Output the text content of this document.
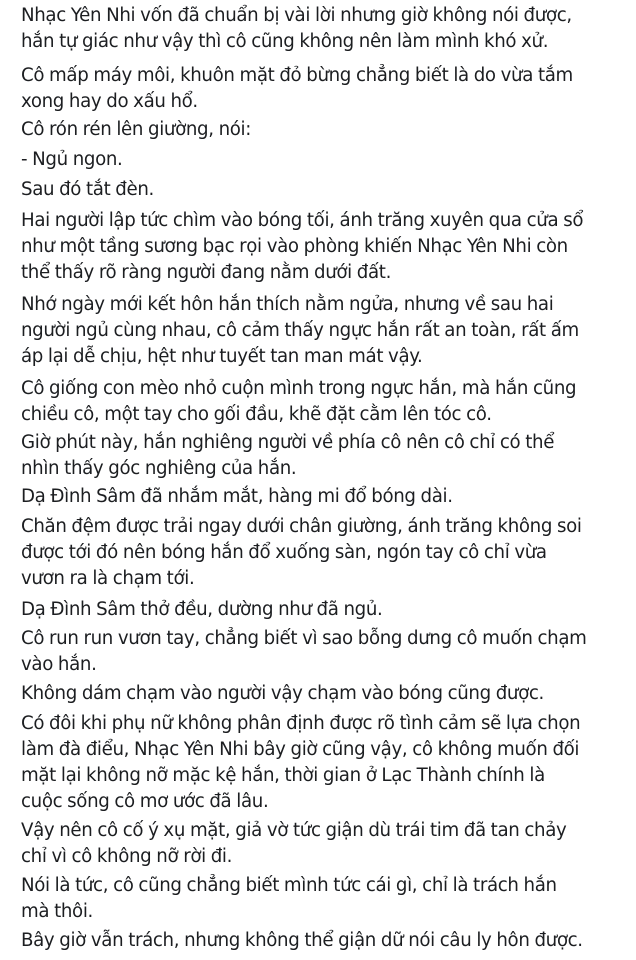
Nhạc Yên Nhi vốn đã chuẩn bị vài lời nhưng giờ không nói được,
hắn tự giác như vậy thì cô cũng không nên làm mình khó xử.

Cô mấp máy môi, khuôn mặt đỏ bừng chẳng biết là do vừa tắm
xong hay do xấu hổ.

Cô rón rén lên giường, nói:

- Ngủ ngon.

Sau đó tắt đèn.

Hai người lập tức chìm vào bóng tối, ánh trăng xuyên qua cửa sổ
như một tầng sương bạc rọi vào phòng khiến Nhạc Yên Nhi còn
thể thấy rõ ràng người đang nằm dưới đất.

Nhớ ngày mới kết hôn hắn thích nằm ngửa, nhưng về sau hai
người ngủ cùng nhau, cô cảm thấy ngực hắn rất an toàn, rất ấm
áp lại dễ chịu, hệt như tuyết tan man mát vậy.

Cô giống con mèo nhỏ cuộn mình trong ngực hắn, mà hắn cũng
chiều cô, một tay cho gối đầu, khẽ đặt cằm lên tóc cô.

Giờ phút này, hắn nghiêng người về phía cô nên cô chỉ có thể
nhìn thấy góc nghiêng của hắn.

Dạ Đình Sâm đã nhắm mắt, hàng mi đổ bóng dài.

Chăn đệm được trải ngay dưới chân giường, ánh trăng không soi
được tới đó nên bóng hắn đổ xuống sàn, ngón tay cô chỉ vừa
vươn ra là chạm tới.

Dạ Đình Sâm thở đều, dường như đã ngủ.

Cô run run vươn tay, chẳng biết vì sao bỗng dưng cô muốn chạm
vào hắn.

Không dám chạm vào người vậy chạm vào bóng cũng được.

Có đôi khi phụ nữ không phân định được rõ tình cảm sẽ lựa chọn
làm đà điểu, Nhạc Yên Nhi bây giờ cũng vậy, cô không muốn đối
mặt lại không nỡ mặc kệ hắn, thời gian ở Lạc Thành chính là
cuộc sống cô mơ ước đã lâu.

Vậy nên cô cố ý xụ mặt, giả vờ tức giận dù trái tim đã tan chảy
chỉ vì cô không nỡ rời đi.

Nói là tức, cô cũng chẳng biết mình tức cái gì, chỉ là trách hắn
mà thôi.

Bây giờ vẫn trách, nhưng không thể giận dữ nói câu ly hôn được.
